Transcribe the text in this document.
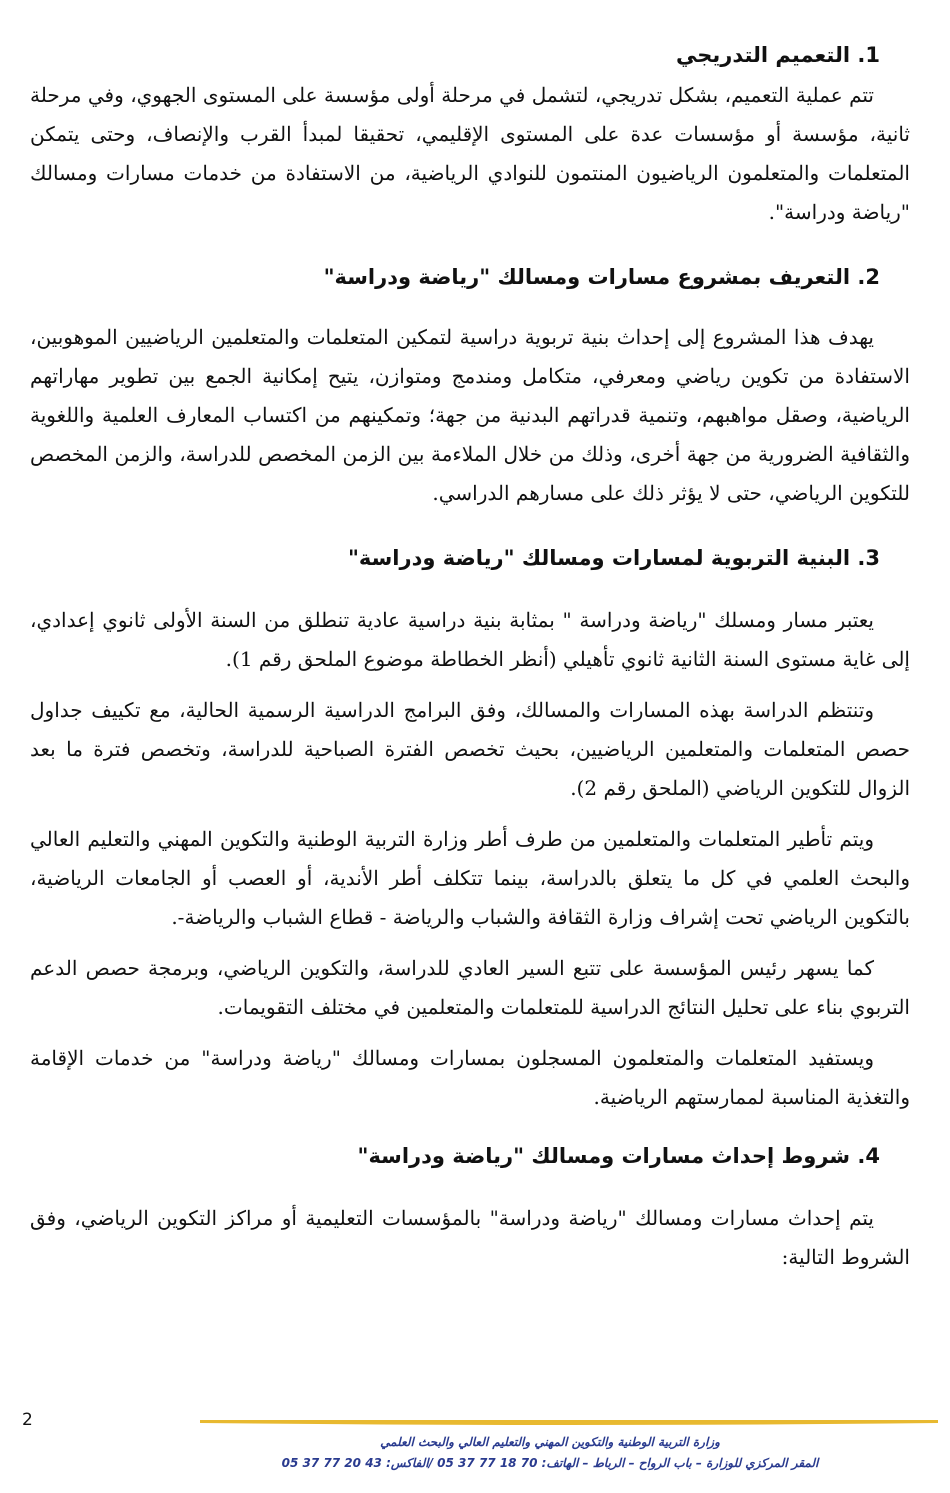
1. التعميم التدريجي

تتم عملية التعميم، بشكل تدريجي، لتشمل في مرحلة أولى مؤسسة على المستوى الجهوي، وفي مرحلة ثانية، مؤسسة أو مؤسسات عدة على المستوى الإقليمي، تحقيقا لمبدأ القرب والإنصاف، وحتى يتمكن المتعلمات والمتعلمون الرياضيون المنتمون للنوادي الرياضية، من الاستفادة من خدمات مسارات ومسالك "رياضة ودراسة".

2. التعريف بمشروع مسارات ومسالك "رياضة ودراسة"

يهدف هذا المشروع إلى إحداث بنية تربوية دراسية لتمكين المتعلمات والمتعلمين الرياضيين الموهوبين، الاستفادة من تكوين رياضي ومعرفي، متكامل ومندمج ومتوازن، يتيح إمكانية الجمع بين تطوير مهاراتهم الرياضية، وصقل مواهبهم، وتنمية قدراتهم البدنية من جهة؛ وتمكينهم من اكتساب المعارف العلمية واللغوية والثقافية الضرورية من جهة أخرى، وذلك من خلال الملاءمة بين الزمن المخصص للدراسة، والزمن المخصص للتكوين الرياضي، حتى لا يؤثر ذلك على مسارهم الدراسي.

3. البنية التربوية لمسارات ومسالك "رياضة ودراسة"

يعتبر مسار ومسلك "رياضة ودراسة " بمثابة بنية دراسية عادية تنطلق من السنة الأولى ثانوي إعدادي، إلى غاية مستوى السنة الثانية ثانوي تأهيلي (أنظر الخطاطة موضوع الملحق رقم 1).

وتنتظم الدراسة بهذه المسارات والمسالك، وفق البرامج الدراسية الرسمية الحالية، مع تكييف جداول حصص المتعلمات والمتعلمين الرياضيين، بحيث تخصص الفترة الصباحية للدراسة، وتخصص فترة ما بعد الزوال للتكوين الرياضي (الملحق رقم 2).

ويتم تأطير المتعلمات والمتعلمين من طرف أطر وزارة التربية الوطنية والتكوين المهني والتعليم العالي والبحث العلمي في كل ما يتعلق بالدراسة، بينما تتكلف أطر الأندية، أو العصب أو الجامعات الرياضية، بالتكوين الرياضي تحت إشراف وزارة الثقافة والشباب والرياضة - قطاع الشباب والرياضة-.

كما يسهر رئيس المؤسسة على تتبع السير العادي للدراسة، والتكوين الرياضي، وبرمجة حصص الدعم التربوي بناء على تحليل النتائج الدراسية للمتعلمات والمتعلمين في مختلف التقويمات.

ويستفيد المتعلمات والمتعلمون المسجلون بمسارات ومسالك "رياضة ودراسة" من خدمات الإقامة والتغذية المناسبة لممارستهم الرياضية.

4. شروط إحداث مسارات ومسالك "رياضة ودراسة"

يتم إحداث مسارات ومسالك "رياضة ودراسة" بالمؤسسات التعليمية أو مراكز التكوين الرياضي، وفق الشروط التالية:

2
وزارة التربية الوطنية والتكوين المهني والتعليم العالي والبحث العلمي
المقر المركزي للوزارة – باب الرواح – الرباط – الهاتف: 70 18 77 37 05 /الفاكس: 43 20 77 37 05
